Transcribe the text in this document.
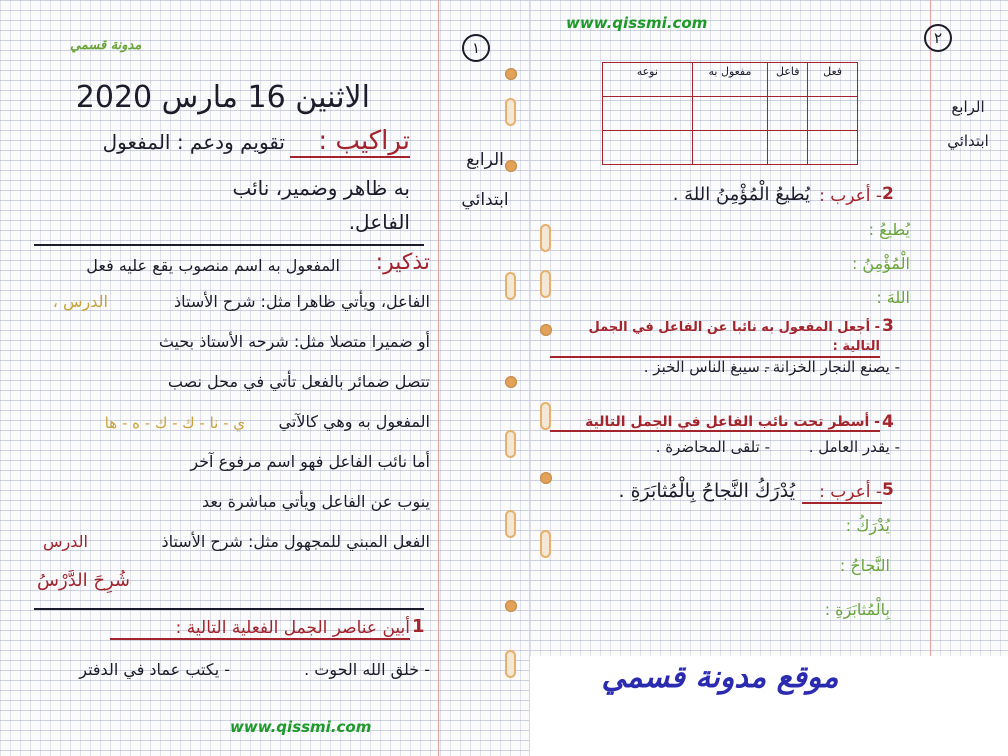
مدونة قسمي	١
الاثنين 16 مارس 2020
الرابع
ابتدائي
تراكيب :
تقويم ودعم : المفعول
به ظاهر وضمير، نائب
الفاعل.
تذكير:
المفعول به اسم منصوب يقع عليه فعل
الفاعل، ويأتي ظاهرا مثل: شرح الأستاذ
الدرس ،
أو ضميرا متصلا مثل: شرحه الأستاذ بحيث
تتصل ضمائر بالفعل تأتي في محل نصب
المفعول به وهي كالآتي
ي - نا - ك - ك - ه - ها
أما نائب الفاعل فهو اسم مرفوع آخر
ينوب عن الفاعل ويأتي مباشرة بعد
الفعل المبني للمجهول مثل: شرح الأستاذ
الدرس
شُرِحَ الدَّرْسُ
أبين عناصر الجمل الفعلية التالية : 1
- خلق الله الحوت .
- يكتب عماد في الدفتر
www.qissmi.com
www.qissmi.com
٢
الرابع
ابتدائي
فعل	فاعل	مفعول به	نوعه

2
- أعرب :
يُطيعُ الْمُؤْمِنُ اللهَ .
يُطيعُ :
الْمُؤْمِنُ :
اللهَ :
3
- أجعل المفعول به نائبا عن الفاعل في الجمل التالية :
- يصنع النجار الخزانة .
- سيبغ الناس الخبز .
4
- أسطر تحت نائب الفاعل في الجمل التالية
- يقدر العامل .
- تلقى المحاضرة .
5
- أعرب :
يُدْرَكُ النَّجاحُ بِالْمُثابَرَةِ .
يُدْرَكُ :
النَّجاحُ :
بِالْمُثابَرَةِ :
موقع مدونة قسمي
